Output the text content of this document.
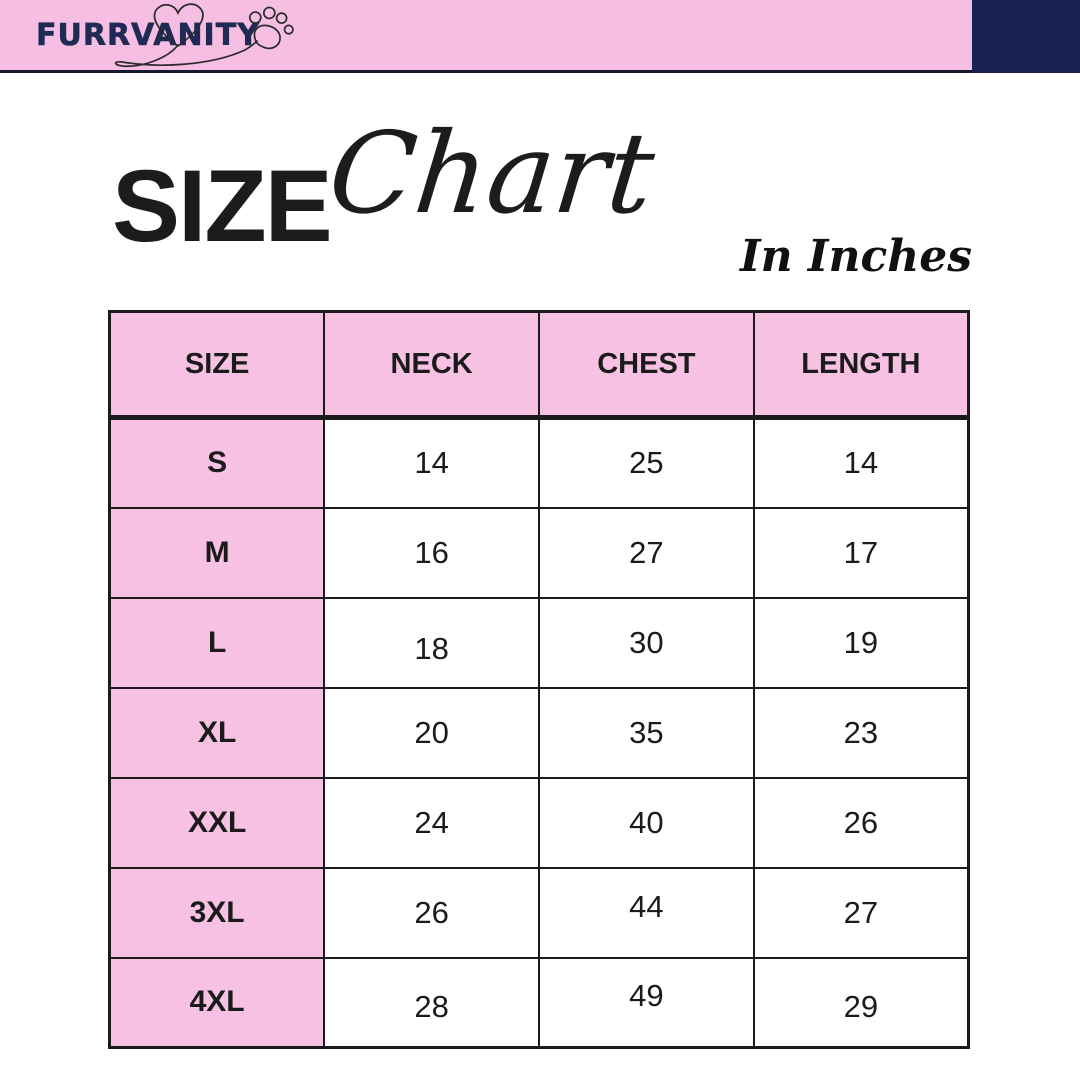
FURRVANITY
SIZE
Chart
In Inches
SIZE	NECK	CHEST	LENGTH
S	14	25	14
M	16	27	17
L	18	30	19
XL	20	35	23
XXL	24	40	26
3XL	26	44	27
4XL	28	49	29
